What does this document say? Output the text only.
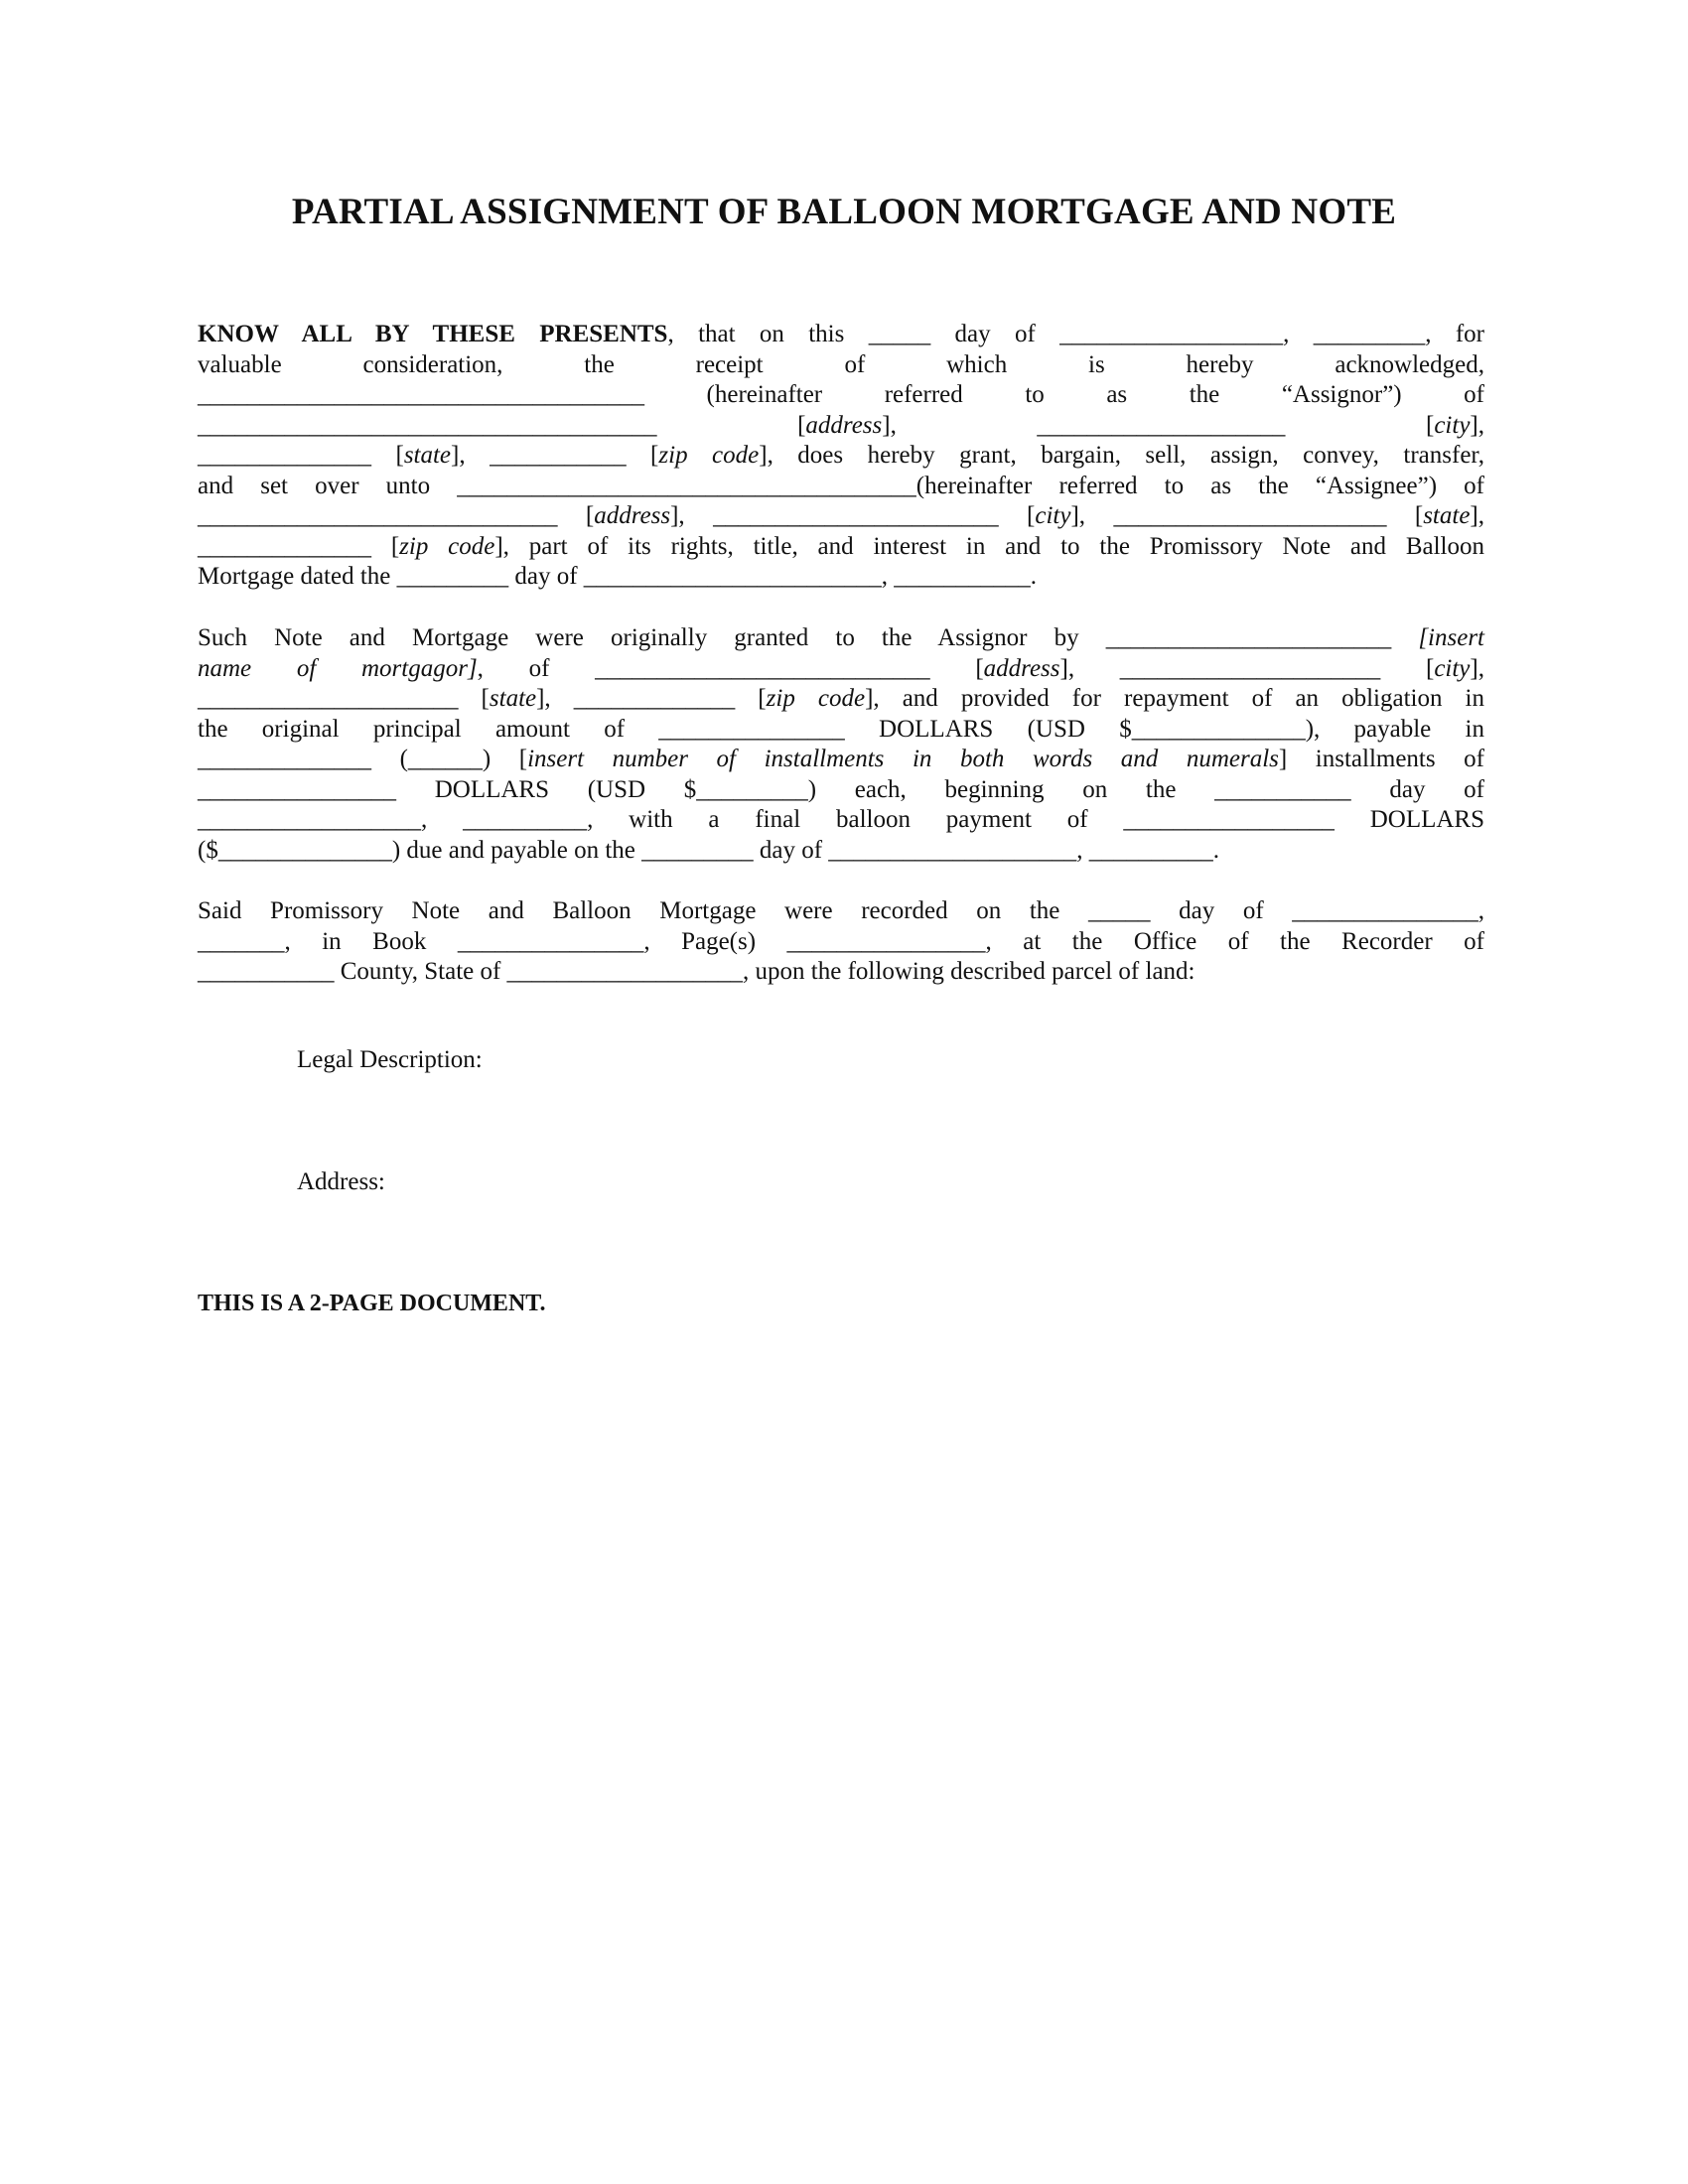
PARTIAL ASSIGNMENT OF BALLOON MORTGAGE AND NOTE
KNOW ALL BY THESE PRESENTS, that on this _____ day of __________________, _________, for
valuable consideration, the receipt of which is hereby acknowledged,
____________________________________ (hereinafter referred to as the “Assignor”) of
_____________________________________ [address], ____________________ [city],
______________ [state], ___________ [zip code], does hereby grant, bargain, sell, assign, convey, transfer,
and set over unto _____________________________________(hereinafter referred to as the “Assignee”) of
_____________________________ [address], _______________________ [city], ______________________ [state],
______________ [zip code], part of its rights, title, and interest in and to the Promissory Note and Balloon
Mortgage dated the _________ day of ________________________, ___________.
Such Note and Mortgage were originally granted to the Assignor by _______________________ [insert
name of mortgagor], of ___________________________ [address], _____________________ [city],
_____________________ [state], _____________ [zip code], and provided for repayment of an obligation in
the original principal amount of _______________ DOLLARS (USD $______________), payable in
______________ (______) [insert number of installments in both words and numerals] installments of
________________ DOLLARS (USD $_________) each, beginning on the ___________ day of
__________________, __________, with a final balloon payment of _________________ DOLLARS
($______________) due and payable on the _________ day of ____________________, __________.
Said Promissory Note and Balloon Mortgage were recorded on the _____ day of _______________,
_______, in Book _______________, Page(s) ________________, at the Office of the Recorder of
___________ County, State of ___________________, upon the following described parcel of land:

Legal Description:

Address:

THIS IS A 2-PAGE DOCUMENT.
